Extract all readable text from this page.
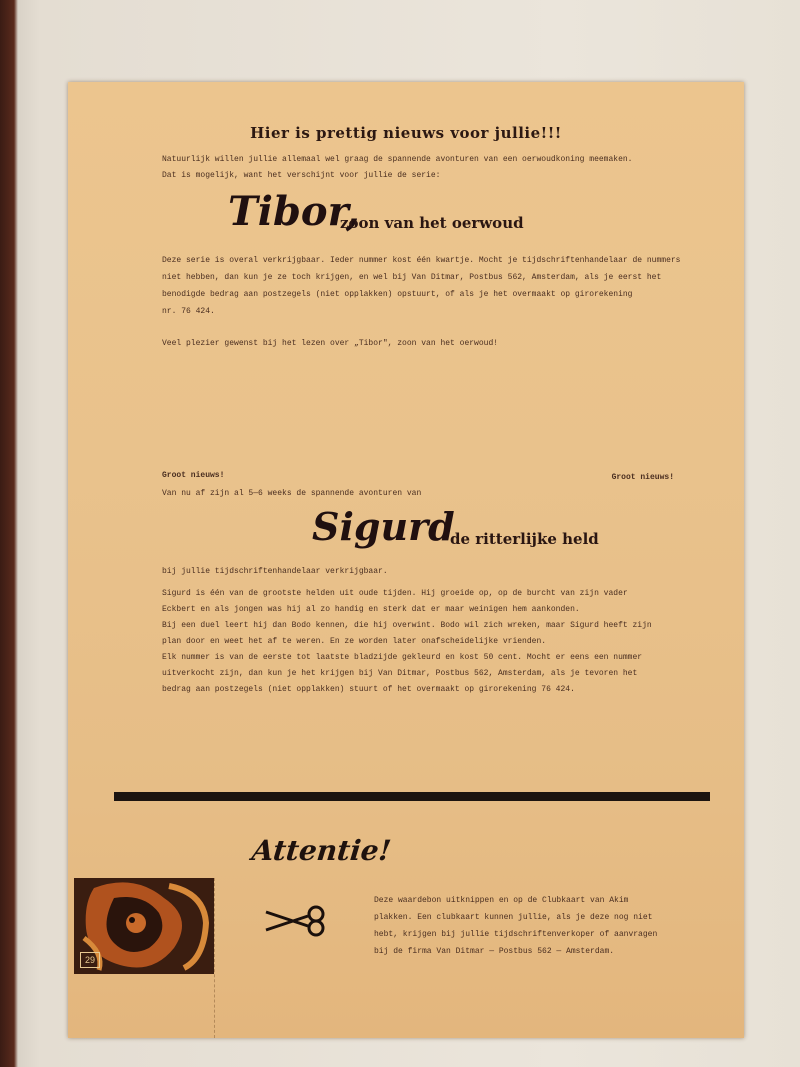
Hier is prettig nieuws voor jullie!!!
Natuurlijk willen jullie allemaal wel graag de spannende avonturen van een oerwoudkoning meemaken.
Dat is mogelijk, want het verschijnt voor jullie de serie:
Tibor,
zoon van het oerwoud
Deze serie is overal verkrijgbaar. Ieder nummer kost één kwartje. Mocht je tijdschriftenhandelaar de nummers
niet hebben, dan kun je ze toch krijgen, en wel bij Van Ditmar, Postbus 562, Amsterdam, als je eerst het
benodigde bedrag aan postzegels (niet opplakken) opstuurt, of als je het overmaakt op girorekening
nr. 76 424.
Veel plezier gewenst bij het lezen over „Tibor", zoon van het oerwoud!
Groot nieuws!	Groot nieuws!
Van nu af zijn al 5—6 weeks de spannende avonturen van
Sigurd
de ritterlijke held
bij jullie tijdschriftenhandelaar verkrijgbaar.
Sigurd is één van de grootste helden uit oude tijden. Hij groeide op, op de burcht van zijn vader
Eckbert en als jongen was hij al zo handig en sterk dat er maar weinigen hem aankonden.
Bij een duel leert hij dan Bodo kennen, die hij overwint. Bodo wil zich wreken, maar Sigurd heeft zijn
plan door en weet het af te weren. En ze worden later onafscheidelijke vrienden.
Elk nummer is van de eerste tot laatste bladzijde gekleurd en kost 50 cent. Mocht er eens een nummer
uitverkocht zijn, dan kun je het krijgen bij Van Ditmar, Postbus 562, Amsterdam, als je tevoren het
bedrag aan postzegels (niet opplakken) stuurt of het overmaakt op girorekening 76 424.
Attentie!
29
Deze waardebon uitknippen en op de Clubkaart van Akim
plakken. Een clubkaart kunnen jullie, als je deze nog niet
hebt, krijgen bij jullie tijdschriftenverkoper of aanvragen
bij de firma Van Ditmar — Postbus 562 — Amsterdam.
